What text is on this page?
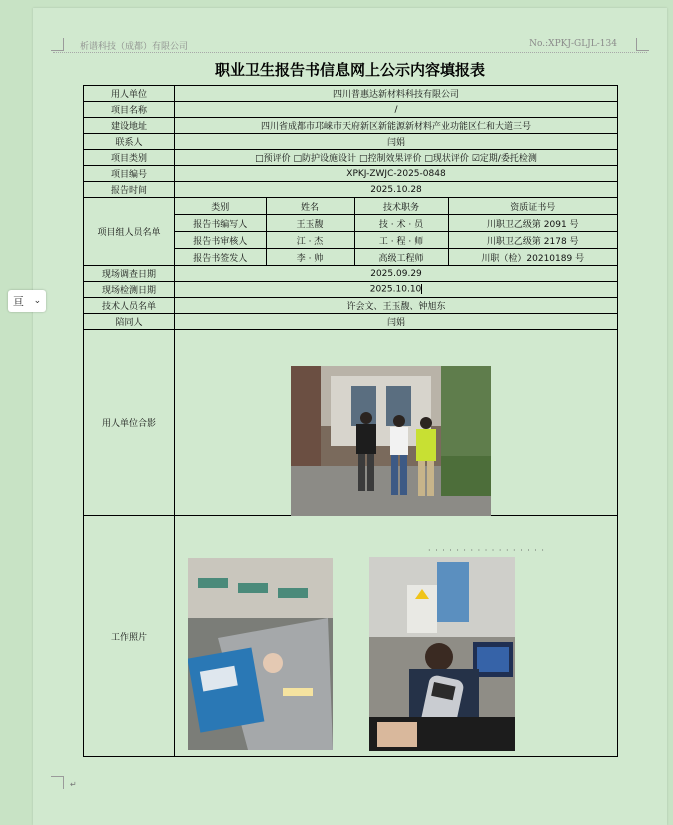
析谱科技（成都）有限公司	No.:XPKJ-GLJL-134
职业卫生报告书信息网上公示内容填报表
用人单位	四川普惠达新材料科技有限公司
项目名称	/
建设地址	四川省成都市邛崃市天府新区新能源新材料产业功能区仁和大道三号
联系人	闫娟
项目类别	□预评价 □防护设施设计 □控制效果评价 □现状评价 ☑定期/委托检测
项目编号	XPKJ-ZWJC-2025-0848
报告时间	2025.10.28
项目组人员名单	
类别	姓名	技术职务	资质证书号
报告书编写人	王玉馥	技 · 术 · 员	川职卫乙级第 2091 号
报告书审核人	江 · 杰	工 · 程 · 师	川职卫乙级第 2178 号
报告书签发人	李 · 帅	高级工程师	川职（检）20210189 号

现场调查日期	2025.09.29
现场检测日期	2025.10.10
技术人员名单	许会文、王玉馥、钟旭东
陪同人	闫娟
用人单位合影	
工作照片	
· · · · · · · · · · · · · · · · ·
↵
亘 ⌄
